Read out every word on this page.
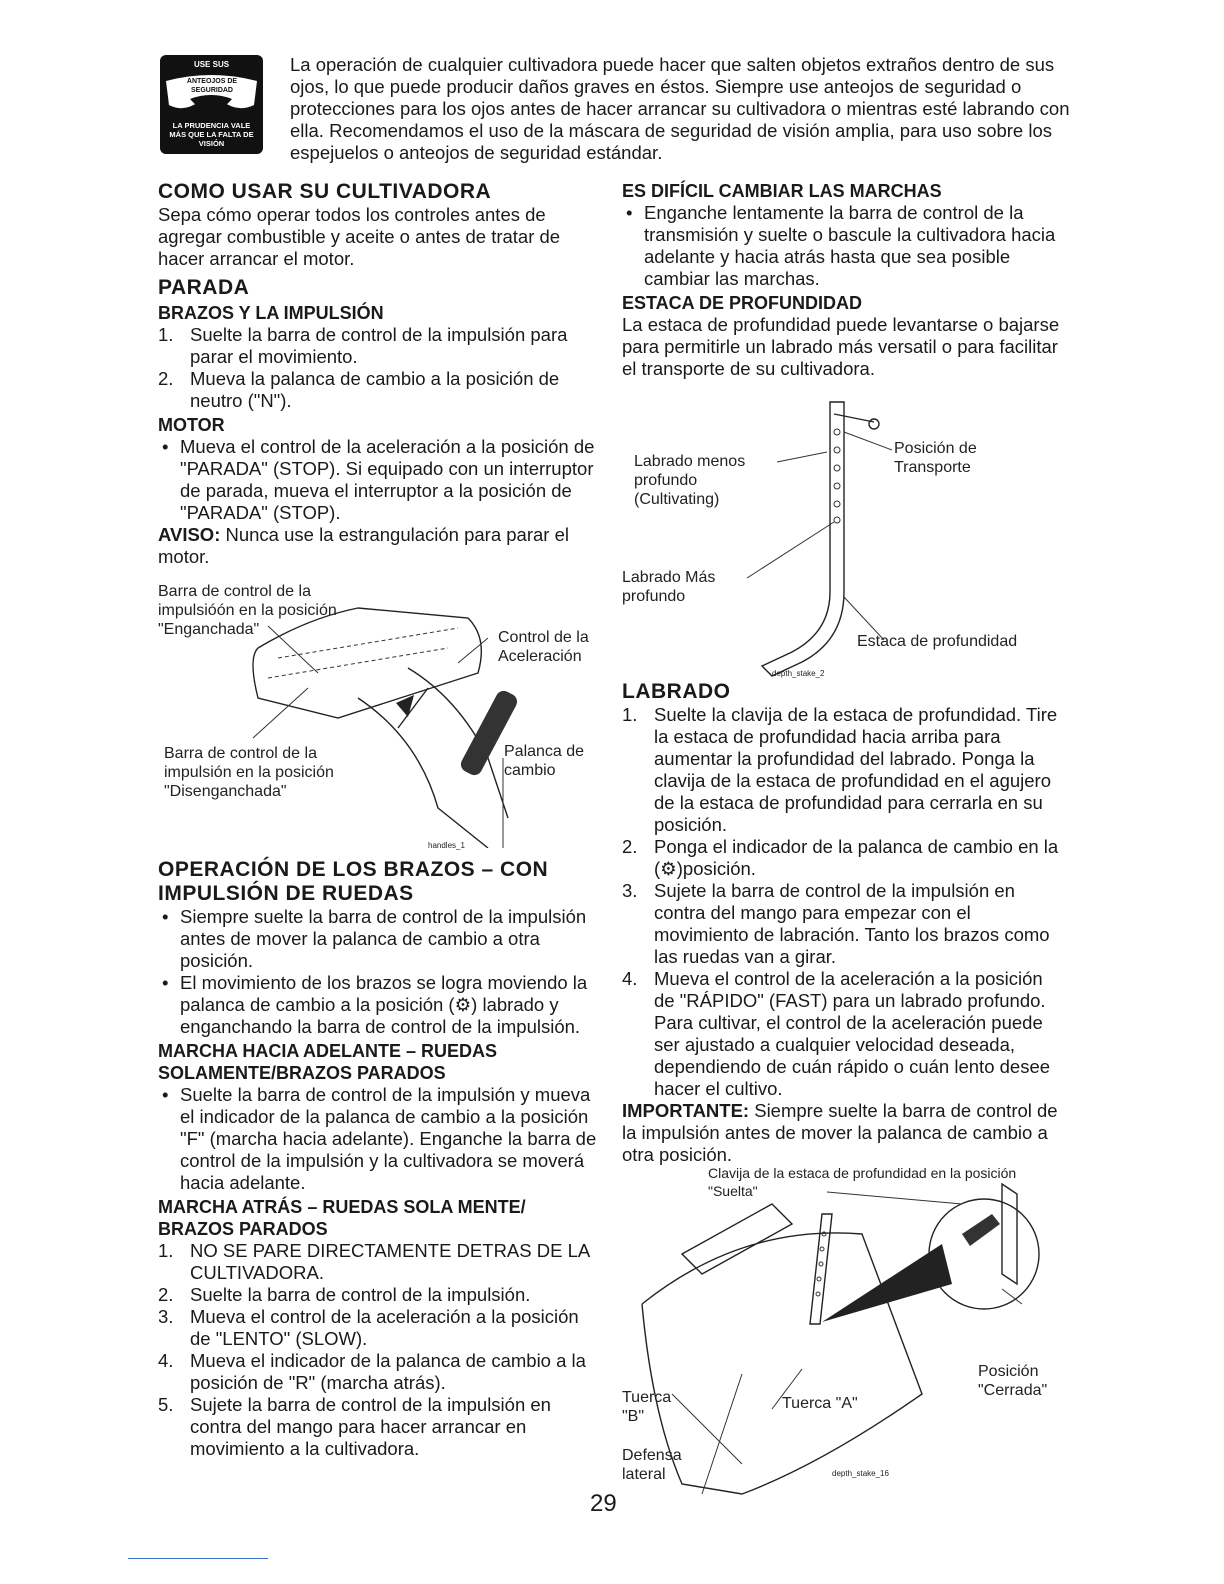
USE SUS
ANTEOJOS DE SEGURIDAD
LA PRUDENCIA VALE MÁS QUE LA FALTA DE VISIÓN

La operación de cualquier cultivadora puede hacer que salten objetos extraños dentro de sus ojos, lo que puede producir daños graves en éstos. Siempre use anteojos de seguridad o protecciones para los ojos antes de hacer arrancar su cultivadora o mientras esté labrando con ella. Recomendamos el uso de la máscara de seguridad de visión amplia, para uso sobre los espejuelos o anteojos de seguridad estándar.

COMO USAR SU CULTIVADORA

Sepa cómo operar todos los controles antes de agregar combustible y aceite o antes de tratar de hacer arrancar el motor.

PARADA
BRAZOS Y LA IMPULSIÓN

1. Suelte la barra de control de la impulsión para parar el movimiento.

2. Mueva la palanca de cambio a la posición de neutro ("N").

MOTOR

• Mueva el control de la aceleración a la posición de "PARADA" (STOP). Si equipado con un interruptor de parada, mueva el interruptor a la posición de "PARADA" (STOP).

AVISO: Nunca use la estrangulación para parar el motor.

Barra de control de la impulsióón en la posición "Enganchada"	Control de la Aceleración
Barra de control de la impulsión en la posición "Disenganchada"
Palanca de cambio
handles_1
OPERACIÓN DE LOS BRAZOS – CON IMPULSIÓN DE RUEDAS

• Siempre suelte la barra de control de la impulsión antes de mover la palanca de cambio a otra posición.

• El movimiento de los brazos se logra moviendo la palanca de cambio a la posición (⚙) labrado y enganchando la barra de control de la impulsión.

MARCHA HACIA ADELANTE – RUEDAS SOLAMENTE/BRAZOS PARADOS

• Suelte la barra de control de la impulsión y mueva el indicador de la palanca de cambio a la posición "F" (marcha hacia adelante). Enganche la barra de control de la impulsión y la cultivadora se moverá hacia adelante.

MARCHA ATRÁS – RUEDAS SOLA MENTE/ BRAZOS PARADOS

1. NO SE PARE DIRECTAMENTE DETRAS DE LA CULTIVADORA.

2. Suelte la barra de control de la impulsión.

3. Mueva el control de la aceleración a la posición de "LENTO" (SLOW).

4. Mueva el indicador de la palanca de cambio a la posición de "R" (marcha atrás).

5. Sujete la barra de control de la impulsión en contra del mango para hacer arrancar en movimiento a la cultivadora.

ES DIFÍCIL CAMBIAR LAS MARCHAS

• Enganche lentamente la barra de control de la transmisión y suelte o bascule la cultivadora hacia adelante y hacia atrás hasta que sea posible cambiar las marchas.

ESTACA DE PROFUNDIDAD

La estaca de profundidad puede levantarse o bajarse para permitirle un labrado más versatil o para facilitar el transporte de su cultivadora.

Labrado menos profundo (Cultivating)
Posición de Transporte
Labrado Más profundo
Estaca de profundidad
depth_stake_2
LABRADO

1. Suelte la clavija de la estaca de profundidad. Tire la estaca de profundidad hacia arriba para aumentar la profundidad del labrado. Ponga la clavija de la estaca de profundidad en el agujero de la estaca de profundidad para cerrarla en su posición.

2. Ponga el indicador de la palanca de cambio en la (⚙)posición.

3. Sujete la barra de control de la impulsión en contra del mango para empezar con el movimiento de labración. Tanto los brazos como las ruedas van a girar.

4. Mueva el control de la aceleración a la posición de "RÁPIDO" (FAST) para un labrado profundo. Para cultivar, el control de la aceleración puede ser ajustado a cualquier velocidad deseada, dependiendo de cuán rápido o cuán lento desee hacer el cultivo.

IMPORTANTE: Siempre suelte la barra de control de la impulsión antes de mover la palanca de cambio a otra posición.

Clavija de la estaca de profundidad en la posición "Suelta"
Posición "Cerrada"
Tuerca "B"
Tuerca "A"
Defensa lateral	depth_stake_16
29
